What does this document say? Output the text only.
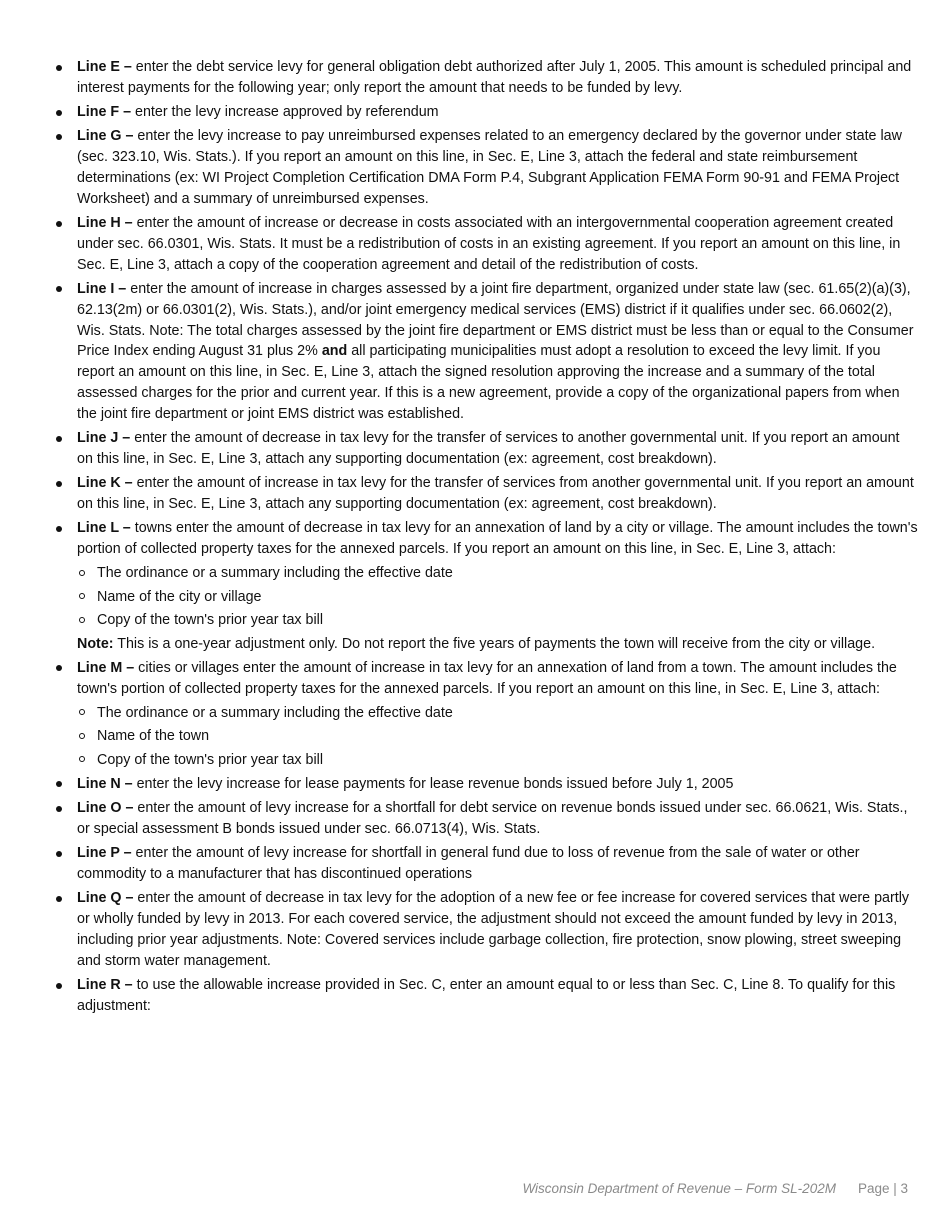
Line E – enter the debt service levy for general obligation debt authorized after July 1, 2005. This amount is scheduled principal and interest payments for the following year; only report the amount that needs to be funded by levy.
Line F – enter the levy increase approved by referendum
Line G – enter the levy increase to pay unreimbursed expenses related to an emergency declared by the governor under state law (sec. 323.10, Wis. Stats.). If you report an amount on this line, in Sec. E, Line 3, attach the federal and state reimbursement determinations (ex: WI Project Completion Certification DMA Form P.4, Subgrant Application FEMA Form 90-91 and FEMA Project Worksheet) and a summary of unreimbursed expenses.
Line H – enter the amount of increase or decrease in costs associated with an intergovernmental cooperation agreement created under sec. 66.0301, Wis. Stats. It must be a redistribution of costs in an existing agreement. If you report an amount on this line, in Sec. E, Line 3, attach a copy of the cooperation agreement and detail of the redistribution of costs.
Line I – enter the amount of increase in charges assessed by a joint fire department, organized under state law (sec. 61.65(2)(a)(3), 62.13(2m) or 66.0301(2), Wis. Stats.), and/or joint emergency medical services (EMS) district if it qualifies under sec. 66.0602(2), Wis. Stats. Note: The total charges assessed by the joint fire department or EMS district must be less than or equal to the Consumer Price Index ending August 31 plus 2% and all participating municipalities must adopt a resolution to exceed the levy limit. If you report an amount on this line, in Sec. E, Line 3, attach the signed resolution approving the increase and a summary of the total assessed charges for the prior and current year. If this is a new agreement, provide a copy of the organizational papers from when the joint fire department or joint EMS district was established.
Line J – enter the amount of decrease in tax levy for the transfer of services to another governmental unit. If you report an amount on this line, in Sec. E, Line 3, attach any supporting documentation (ex: agreement, cost breakdown).
Line K – enter the amount of increase in tax levy for the transfer of services from another governmental unit. If you report an amount on this line, in Sec. E, Line 3, attach any supporting documentation (ex: agreement, cost breakdown).
Line L – towns enter the amount of decrease in tax levy for an annexation of land by a city or village. The amount includes the town's portion of collected property taxes for the annexed parcels. If you report an amount on this line, in Sec. E, Line 3, attach:
The ordinance or a summary including the effective date
Name of the city or village
Copy of the town's prior year tax bill
Note: This is a one-year adjustment only. Do not report the five years of payments the town will receive from the city or village.
Line M – cities or villages enter the amount of increase in tax levy for an annexation of land from a town. The amount includes the town's portion of collected property taxes for the annexed parcels. If you report an amount on this line, in Sec. E, Line 3, attach:
The ordinance or a summary including the effective date
Name of the town
Copy of the town's prior year tax bill
Line N – enter the levy increase for lease payments for lease revenue bonds issued before July 1, 2005
Line O – enter the amount of levy increase for a shortfall for debt service on revenue bonds issued under sec. 66.0621, Wis. Stats., or special assessment B bonds issued under sec. 66.0713(4), Wis. Stats.
Line P – enter the amount of levy increase for shortfall in general fund due to loss of revenue from the sale of water or other commodity to a manufacturer that has discontinued operations
Line Q – enter the amount of decrease in tax levy for the adoption of a new fee or fee increase for covered services that were partly or wholly funded by levy in 2013. For each covered service, the adjustment should not exceed the amount funded by levy in 2013, including prior year adjustments. Note: Covered services include garbage collection, fire protection, snow plowing, street sweeping and storm water management.
Line R – to use the allowable increase provided in Sec. C, enter an amount equal to or less than Sec. C, Line 8. To qualify for this adjustment:
Wisconsin Department of Revenue – Form SL-202M Page | 3
